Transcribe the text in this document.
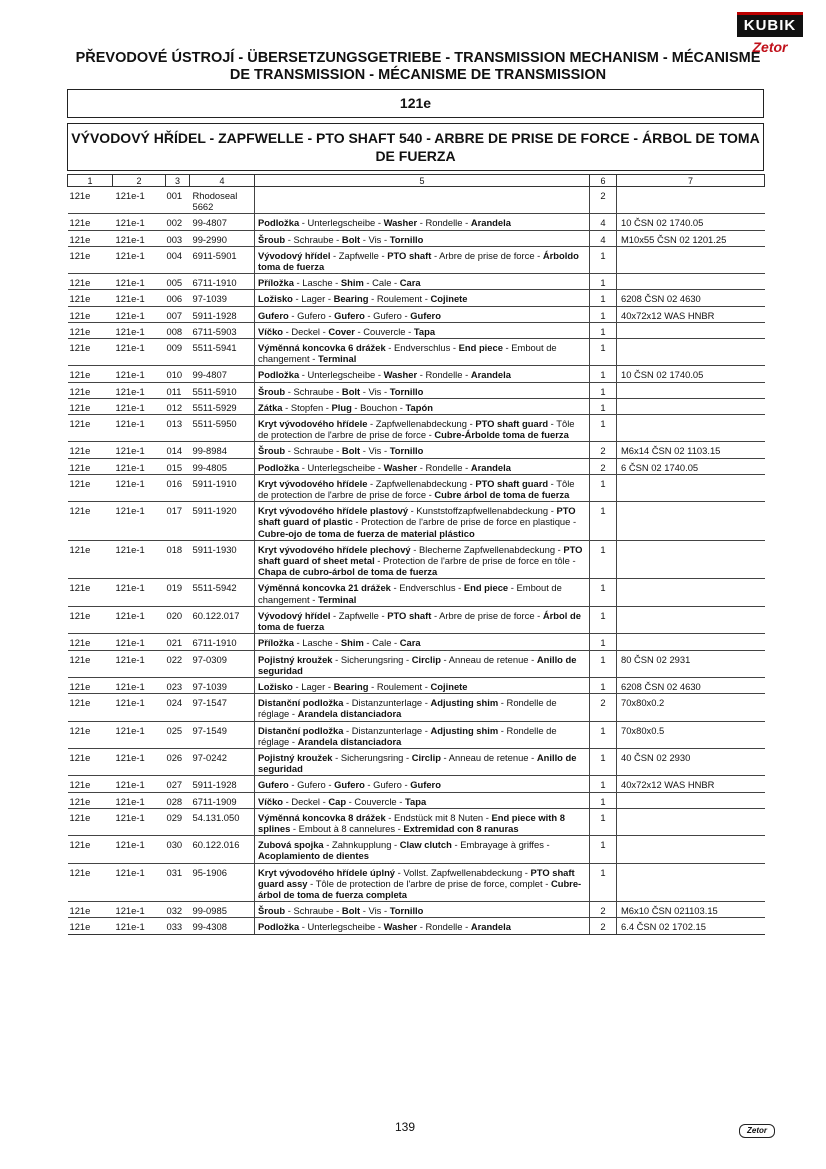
KUBIK
Zetor
PŘEVODOVÉ ÚSTROJÍ - ÜBERSETZUNGSGETRIEBE - TRANSMISSION MECHANISM - MÉCANISME DE TRANSMISSION - MÉCANISME DE TRANSMISSION
121e
VÝVODOVÝ HŘÍDEL - ZAPFWELLE - PTO SHAFT 540 - ARBRE DE PRISE DE FORCE - ÁRBOL DE TOMA DE FUERZA
1	2	3	4	5	6	7
121e	121e-1	001	Rhodoseal 5662		2	
121e	121e-1	002	99-4807	Podložka - Unterlegscheibe - Washer - Rondelle - Arandela	4	10 ČSN 02 1740.05
121e	121e-1	003	99-2990	Šroub - Schraube - Bolt - Vis - Tornillo	4	M10x55 ČSN 02 1201.25
121e	121e-1	004	6911-5901	Vývodový hřídel - Zapfwelle - PTO shaft - Arbre de prise de force - Árboldo toma de fuerza	1	
121e	121e-1	005	6711-1910	Příložka - Lasche - Shim - Cale - Cara	1	
121e	121e-1	006	97-1039	Ložisko - Lager - Bearing - Roulement - Cojinete	1	6208 ČSN 02 4630
121e	121e-1	007	5911-1928	Gufero - Gufero - Gufero - Gufero - Gufero	1	40x72x12 WAS HNBR
121e	121e-1	008	6711-5903	Víčko - Deckel - Cover - Couvercle - Tapa	1	
121e	121e-1	009	5511-5941	Výměnná koncovka 6 drážek - Endverschlus - End piece - Embout de changement - Terminal	1	
121e	121e-1	010	99-4807	Podložka - Unterlegscheibe - Washer - Rondelle - Arandela	1	10 ČSN 02 1740.05
121e	121e-1	011	5511-5910	Šroub - Schraube - Bolt - Vis - Tornillo	1	
121e	121e-1	012	5511-5929	Zátka - Stopfen - Plug - Bouchon - Tapón	1	
121e	121e-1	013	5511-5950	Kryt vývodového hřídele - Zapfwellenabdeckung - PTO shaft guard - Tôle de protection de l'arbre de prise de force - Cubre-Árbolde toma de fuerza	1	
121e	121e-1	014	99-8984	Šroub - Schraube - Bolt - Vis - Tornillo	2	M6x14 ČSN 02 1103.15
121e	121e-1	015	99-4805	Podložka - Unterlegscheibe - Washer - Rondelle - Arandela	2	6 ČSN 02 1740.05
121e	121e-1	016	5911-1910	Kryt vývodového hřídele - Zapfwellenabdeckung - PTO shaft guard - Tôle de protection de l'arbre de prise de force - Cubre árbol de toma de fuerza	1	
121e	121e-1	017	5911-1920	Kryt vývodového hřídele plastový - Kunststoffzapfwellenabdeckung - PTO shaft guard of plastic - Protection de l'arbre de prise de force en plastique - Cubre-ojo de toma de fuerza de material plástico	1	
121e	121e-1	018	5911-1930	Kryt vývodového hřídele plechový - Blecherne Zapfwellenabdeckung - PTO shaft guard of sheet metal - Protection de l'arbre de prise de force en tôle - Chapa de cubro-árbol de toma de fuerza	1	
121e	121e-1	019	5511-5942	Výměnná koncovka 21 drážek - Endverschlus - End piece - Embout de changement - Terminal	1	
121e	121e-1	020	60.122.017	Vývodový hřídel - Zapfwelle - PTO shaft - Arbre de prise de force - Árbol de toma de fuerza	1	
121e	121e-1	021	6711-1910	Příložka - Lasche - Shim - Cale - Cara	1	
121e	121e-1	022	97-0309	Pojistný kroužek - Sicherungsring - Circlip - Anneau de retenue - Anillo de seguridad	1	80 ČSN 02 2931
121e	121e-1	023	97-1039	Ložisko - Lager - Bearing - Roulement - Cojinete	1	6208 ČSN 02 4630
121e	121e-1	024	97-1547	Distanční podložka - Distanzunterlage - Adjusting shim - Rondelle de réglage - Arandela distanciadora	2	70x80x0.2
121e	121e-1	025	97-1549	Distanční podložka - Distanzunterlage - Adjusting shim - Rondelle de réglage - Arandela distanciadora	1	70x80x0.5
121e	121e-1	026	97-0242	Pojistný kroužek - Sicherungsring - Circlip - Anneau de retenue - Anillo de seguridad	1	40 ČSN 02 2930
121e	121e-1	027	5911-1928	Gufero - Gufero - Gufero - Gufero - Gufero	1	40x72x12 WAS HNBR
121e	121e-1	028	6711-1909	Víčko - Deckel - Cap - Couvercle - Tapa	1	
121e	121e-1	029	54.131.050	Výměnná koncovka 8 drážek - Endstück mit 8 Nuten - End piece with 8 splines - Embout à 8 cannelures - Extremidad con 8 ranuras	1	
121e	121e-1	030	60.122.016	Zubová spojka - Zahnkupplung - Claw clutch - Embrayage à griffes - Acoplamiento de dientes	1	
121e	121e-1	031	95-1906	Kryt vývodového hřídele úplný - Vollst. Zapfwellenabdeckung - PTO shaft guard assy - Tôle de protection de l'arbre de prise de force, complet - Cubre-árbol de toma de fuerza completa	1	
121e	121e-1	032	99-0985	Šroub - Schraube - Bolt - Vis - Tornillo	2	M6x10 ČSN 021103.15
121e	121e-1	033	99-4308	Podložka - Unterlegscheibe - Washer - Rondelle - Arandela	2	6.4 ČSN 02 1702.15
139	Zetor
